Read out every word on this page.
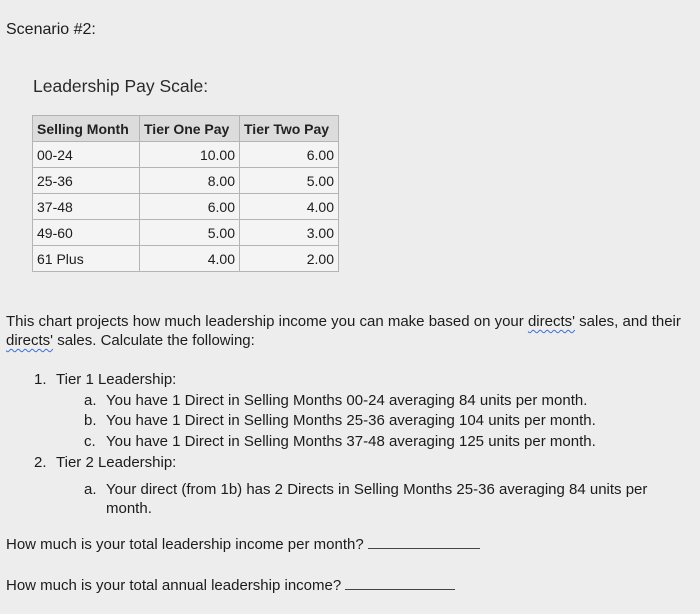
Scenario #2:
Leadership Pay Scale:
Selling Month	Tier One Pay	Tier Two Pay
00-24	10.00	6.00
25-36	8.00	5.00
37-48	6.00	4.00
49-60	5.00	3.00
61 Plus	4.00	2.00
This chart projects how much leadership income you can make based on your directs' sales, and their directs' sales. Calculate the following:
1. Tier 1 Leadership:
a. You have 1 Direct in Selling Months 00-24 averaging 84 units per month.
b. You have 1 Direct in Selling Months 25-36 averaging 104 units per month.
c. You have 1 Direct in Selling Months 37-48 averaging 125 units per month.
2. Tier 2 Leadership:
a. Your direct (from 1b) has 2 Directs in Selling Months 25-36 averaging 84 units per month.
How much is your total leadership income per month?
How much is your total annual leadership income?
